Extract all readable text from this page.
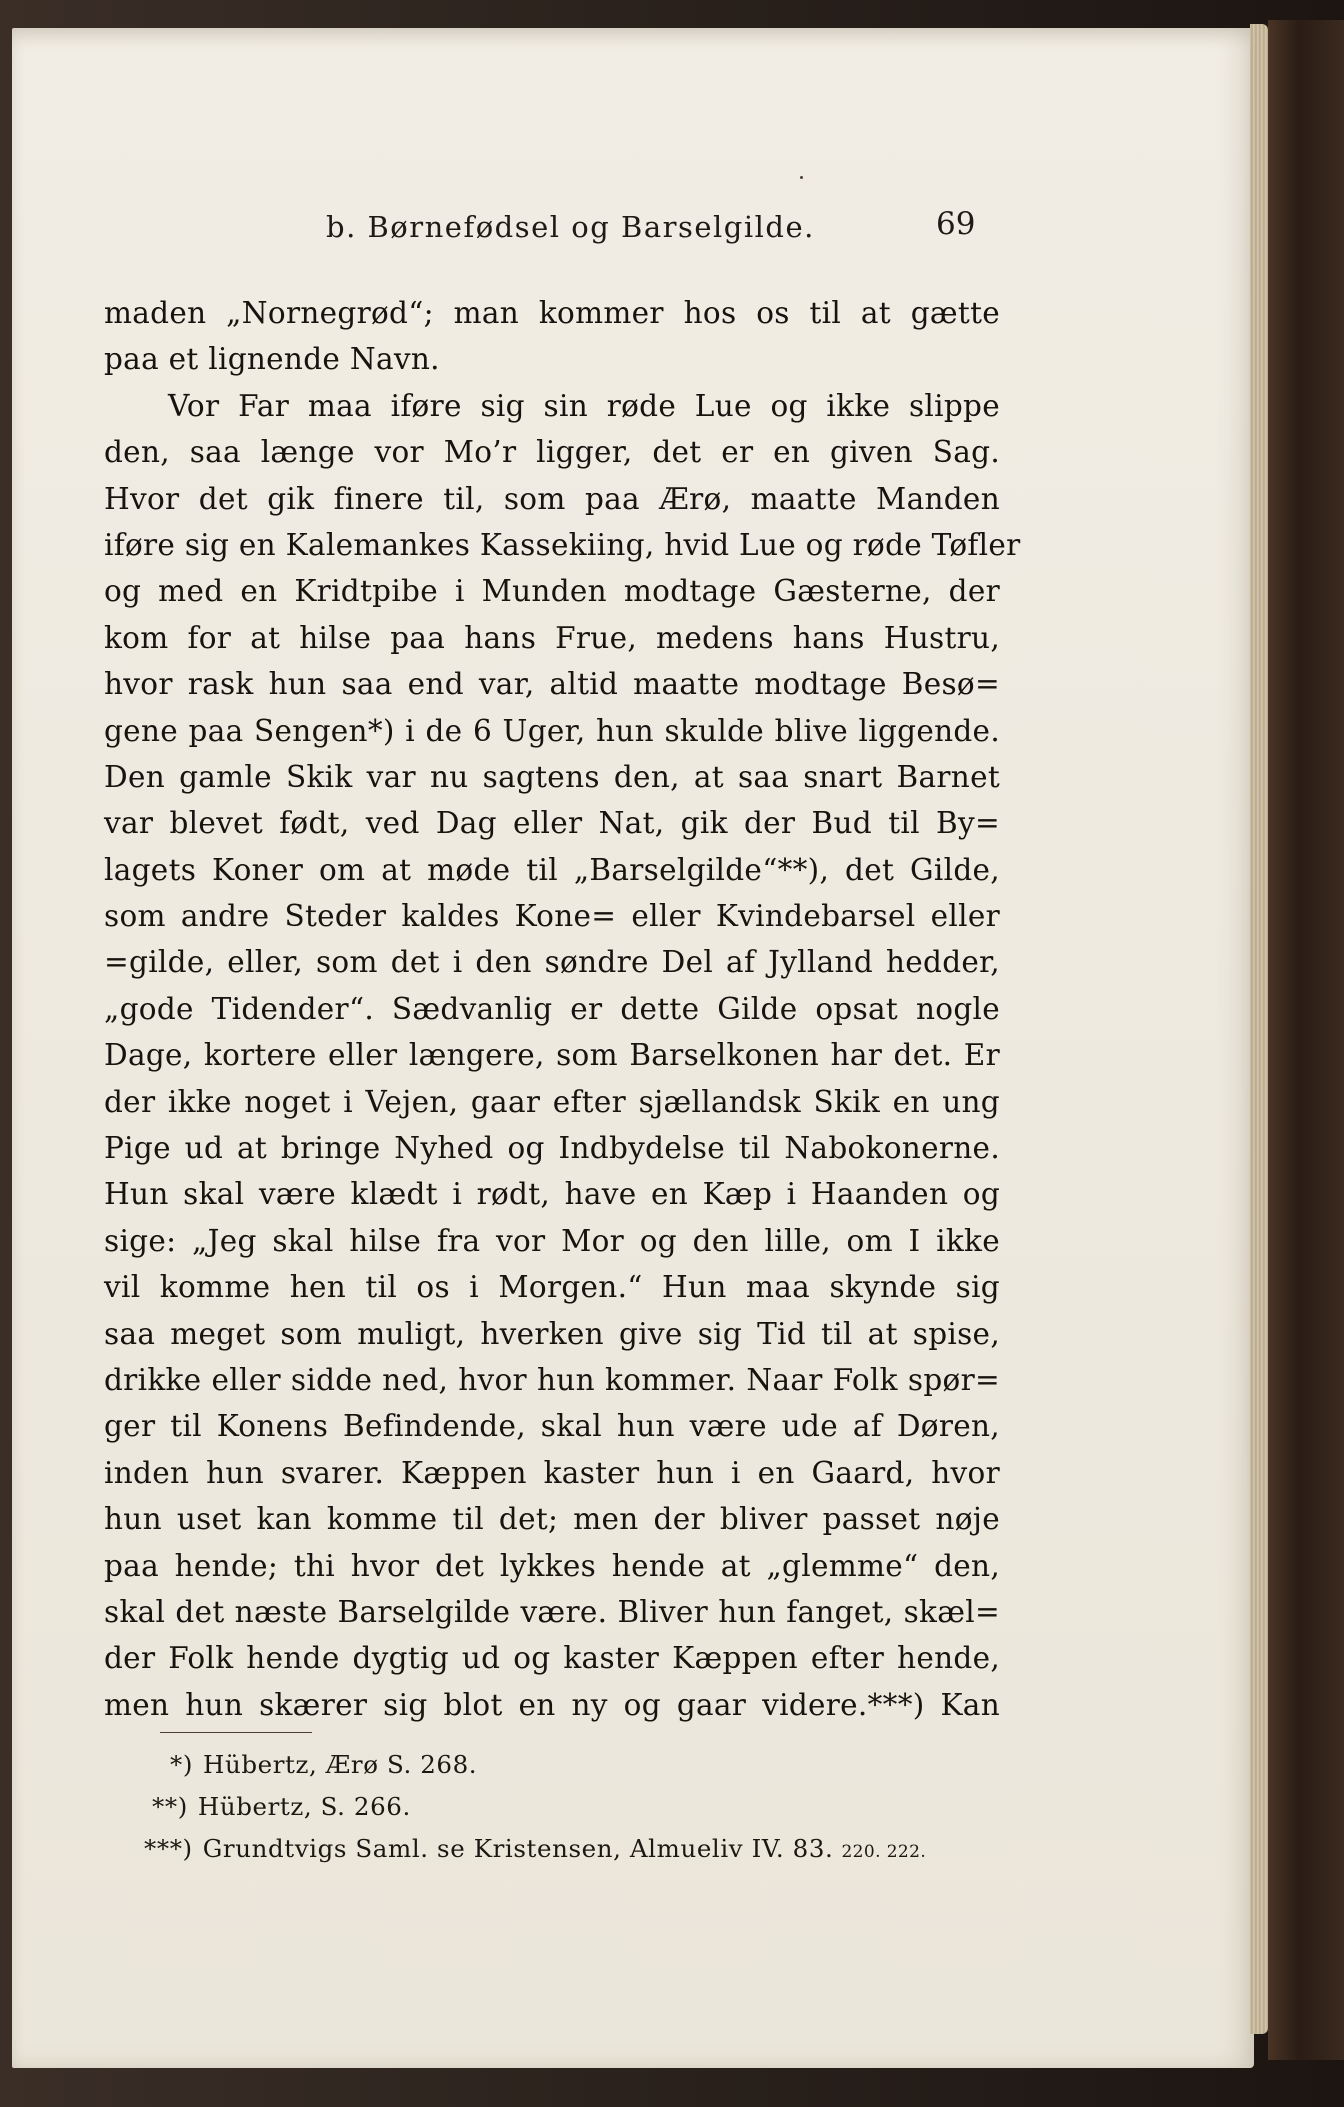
b. Børnefødsel og Barselgilde.	69
maden „Nornegrød“; man kommer hos os til at gætte
paa et lignende Navn.
Vor Far maa iføre sig sin røde Lue og ikke slippe
den, saa længe vor Mo’r ligger, det er en given Sag.
Hvor det gik finere til, som paa Ærø, maatte Manden
iføre sig en Kalemankes Kassekiing, hvid Lue og røde Tøfler
og med en Kridtpibe i Munden modtage Gæsterne, der
kom for at hilse paa hans Frue, medens hans Hustru,
hvor rask hun saa end var, altid maatte modtage Besø=
gene paa Sengen*) i de 6 Uger, hun skulde blive liggende.
Den gamle Skik var nu sagtens den, at saa snart Barnet
var blevet født, ved Dag eller Nat, gik der Bud til By=
lagets Koner om at møde til „Barselgilde“**), det Gilde,
som andre Steder kaldes Kone= eller Kvindebarsel eller
=gilde, eller, som det i den søndre Del af Jylland hedder,
„gode Tidender“. Sædvanlig er dette Gilde opsat nogle
Dage, kortere eller længere, som Barselkonen har det. Er
der ikke noget i Vejen, gaar efter sjællandsk Skik en ung
Pige ud at bringe Nyhed og Indbydelse til Nabokonerne.
Hun skal være klædt i rødt, have en Kæp i Haanden og
sige: „Jeg skal hilse fra vor Mor og den lille, om I ikke
vil komme hen til os i Morgen.“ Hun maa skynde sig
saa meget som muligt, hverken give sig Tid til at spise,
drikke eller sidde ned, hvor hun kommer. Naar Folk spør=
ger til Konens Befindende, skal hun være ude af Døren,
inden hun svarer. Kæppen kaster hun i en Gaard, hvor
hun uset kan komme til det; men der bliver passet nøje
paa hende; thi hvor det lykkes hende at „glemme“ den,
skal det næste Barselgilde være. Bliver hun fanget, skæl=
der Folk hende dygtig ud og kaster Kæppen efter hende,
men hun skærer sig blot en ny og gaar videre.***) Kan
*) Hübertz, Ærø S. 268.
**) Hübertz, S. 266.
***) Grundtvigs Saml. se Kristensen, Almueliv IV. 83. 220. 222.
